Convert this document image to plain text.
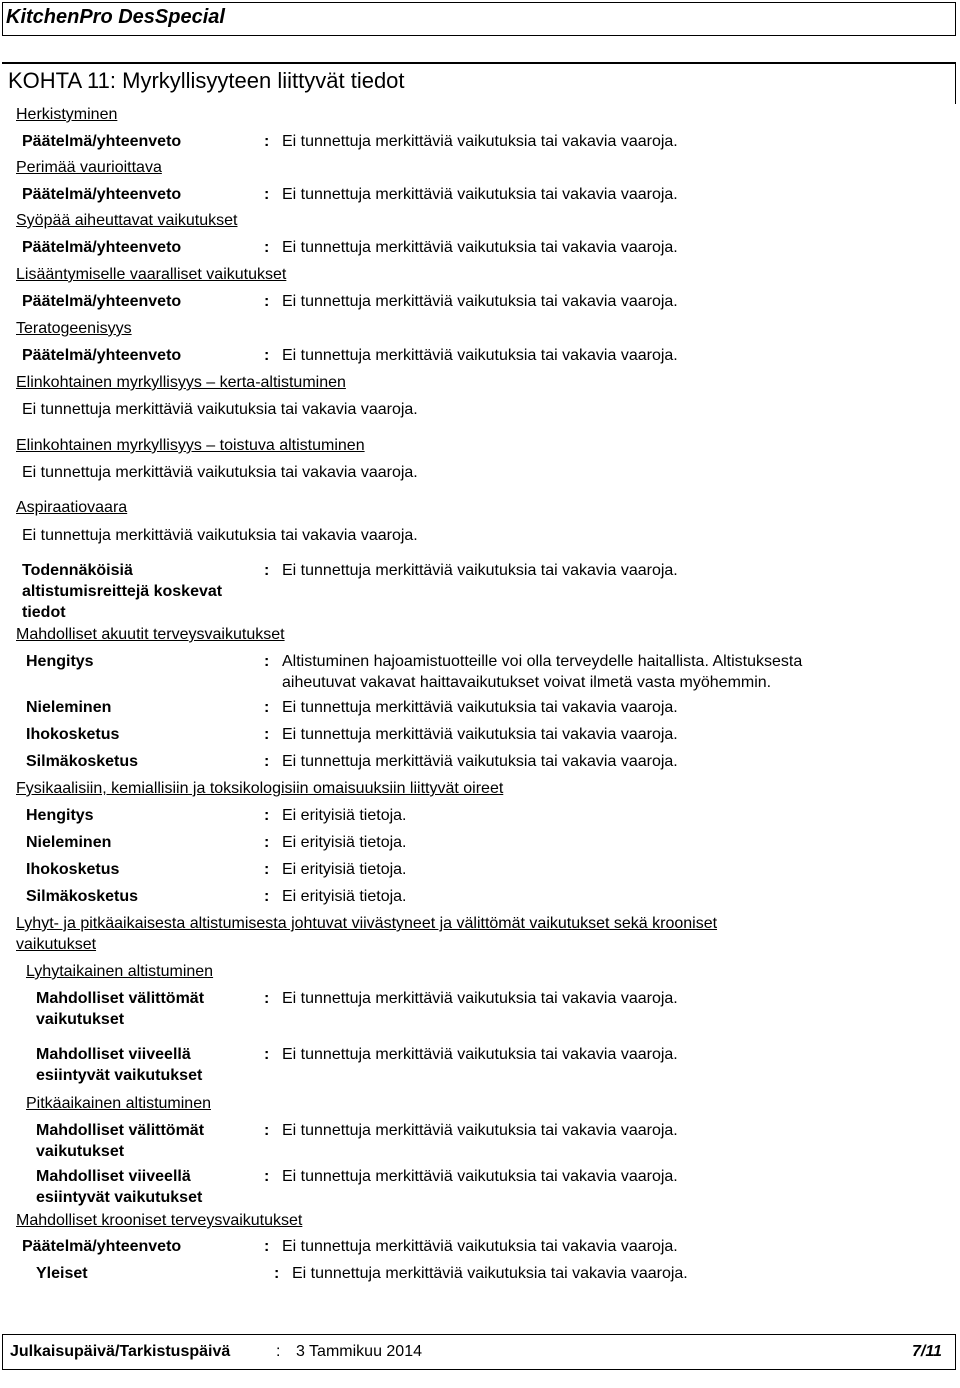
KitchenPro DesSpecial
KOHTA 11: Myrkyllisyyteen liittyvät tiedot
Herkistyminen
Päätelmä/yhteenveto	: Ei tunnettuja merkittäviä vaikutuksia tai vakavia vaaroja.
Perimää vaurioittava
Päätelmä/yhteenveto	: Ei tunnettuja merkittäviä vaikutuksia tai vakavia vaaroja.
Syöpää aiheuttavat vaikutukset
Päätelmä/yhteenveto	: Ei tunnettuja merkittäviä vaikutuksia tai vakavia vaaroja.
Lisääntymiselle vaaralliset vaikutukset
Päätelmä/yhteenveto	: Ei tunnettuja merkittäviä vaikutuksia tai vakavia vaaroja.
Teratogeenisyys
Päätelmä/yhteenveto	: Ei tunnettuja merkittäviä vaikutuksia tai vakavia vaaroja.
Elinkohtainen myrkyllisyys – kerta-altistuminen
Ei tunnettuja merkittäviä vaikutuksia tai vakavia vaaroja.
Elinkohtainen myrkyllisyys – toistuva altistuminen
Ei tunnettuja merkittäviä vaikutuksia tai vakavia vaaroja.
Aspiraatiovaara
Ei tunnettuja merkittäviä vaikutuksia tai vakavia vaaroja.
Todennäköisiä
altistumisreittejä koskevat
tiedot
: Ei tunnettuja merkittäviä vaikutuksia tai vakavia vaaroja.
Mahdolliset akuutit terveysvaikutukset
Hengitys	: Altistuminen hajoamistuotteille voi olla terveydelle haitallista. Altistuksesta
aiheutuvat vakavat haittavaikutukset voivat ilmetä vasta myöhemmin.
Nieleminen	: Ei tunnettuja merkittäviä vaikutuksia tai vakavia vaaroja.
Ihokosketus	: Ei tunnettuja merkittäviä vaikutuksia tai vakavia vaaroja.
Silmäkosketus	: Ei tunnettuja merkittäviä vaikutuksia tai vakavia vaaroja.
Fysikaalisiin, kemiallisiin ja toksikologisiin omaisuuksiin liittyvät oireet
Hengitys	: Ei erityisiä tietoja.
Nieleminen	: Ei erityisiä tietoja.
Ihokosketus	: Ei erityisiä tietoja.
Silmäkosketus	: Ei erityisiä tietoja.
Lyhyt- ja pitkäaikaisesta altistumisesta johtuvat viivästyneet ja välittömät vaikutukset sekä krooniset
vaikutukset
Lyhytaikainen altistuminen
Mahdolliset välittömät
vaikutukset
: Ei tunnettuja merkittäviä vaikutuksia tai vakavia vaaroja.
Mahdolliset viiveellä
esiintyvät vaikutukset
: Ei tunnettuja merkittäviä vaikutuksia tai vakavia vaaroja.
Pitkäaikainen altistuminen
Mahdolliset välittömät
vaikutukset
: Ei tunnettuja merkittäviä vaikutuksia tai vakavia vaaroja.
Mahdolliset viiveellä
esiintyvät vaikutukset
: Ei tunnettuja merkittäviä vaikutuksia tai vakavia vaaroja.
Mahdolliset krooniset terveysvaikutukset
Päätelmä/yhteenveto	: Ei tunnettuja merkittäviä vaikutuksia tai vakavia vaaroja.
Yleiset	: Ei tunnettuja merkittäviä vaikutuksia tai vakavia vaaroja.
Julkaisupäivä/Tarkistuspäivä	: 3 Tammikuu 2014	7/11
